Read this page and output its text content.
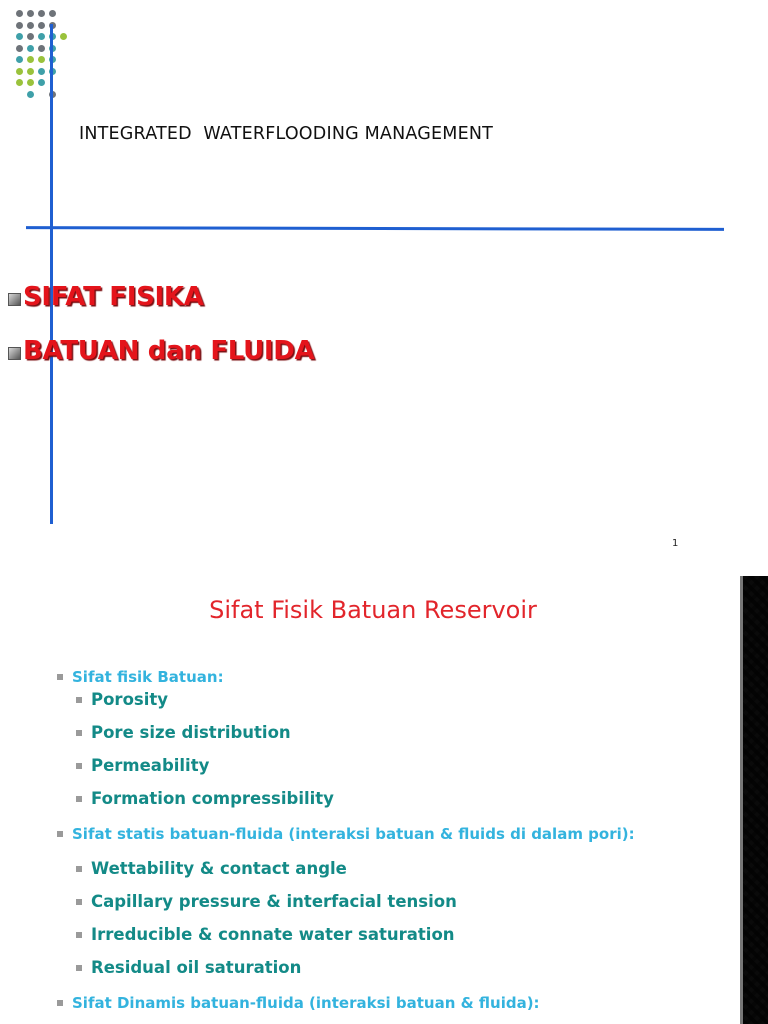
INTEGRATED  WATERFLOODING MANAGEMENT
SIFAT FISIKA
BATUAN dan FLUIDA
1
Sifat Fisik Batuan Reservoir
Sifat fisik Batuan:
Porosity
Pore size distribution
Permeability
Formation compressibility
Sifat statis batuan-fluida (interaksi batuan & fluids di dalam pori):
Wettability & contact angle
Capillary pressure & interfacial tension
Irreducible & connate water saturation
Residual oil saturation
Sifat Dinamis batuan-fluida (interaksi batuan & fluida):
